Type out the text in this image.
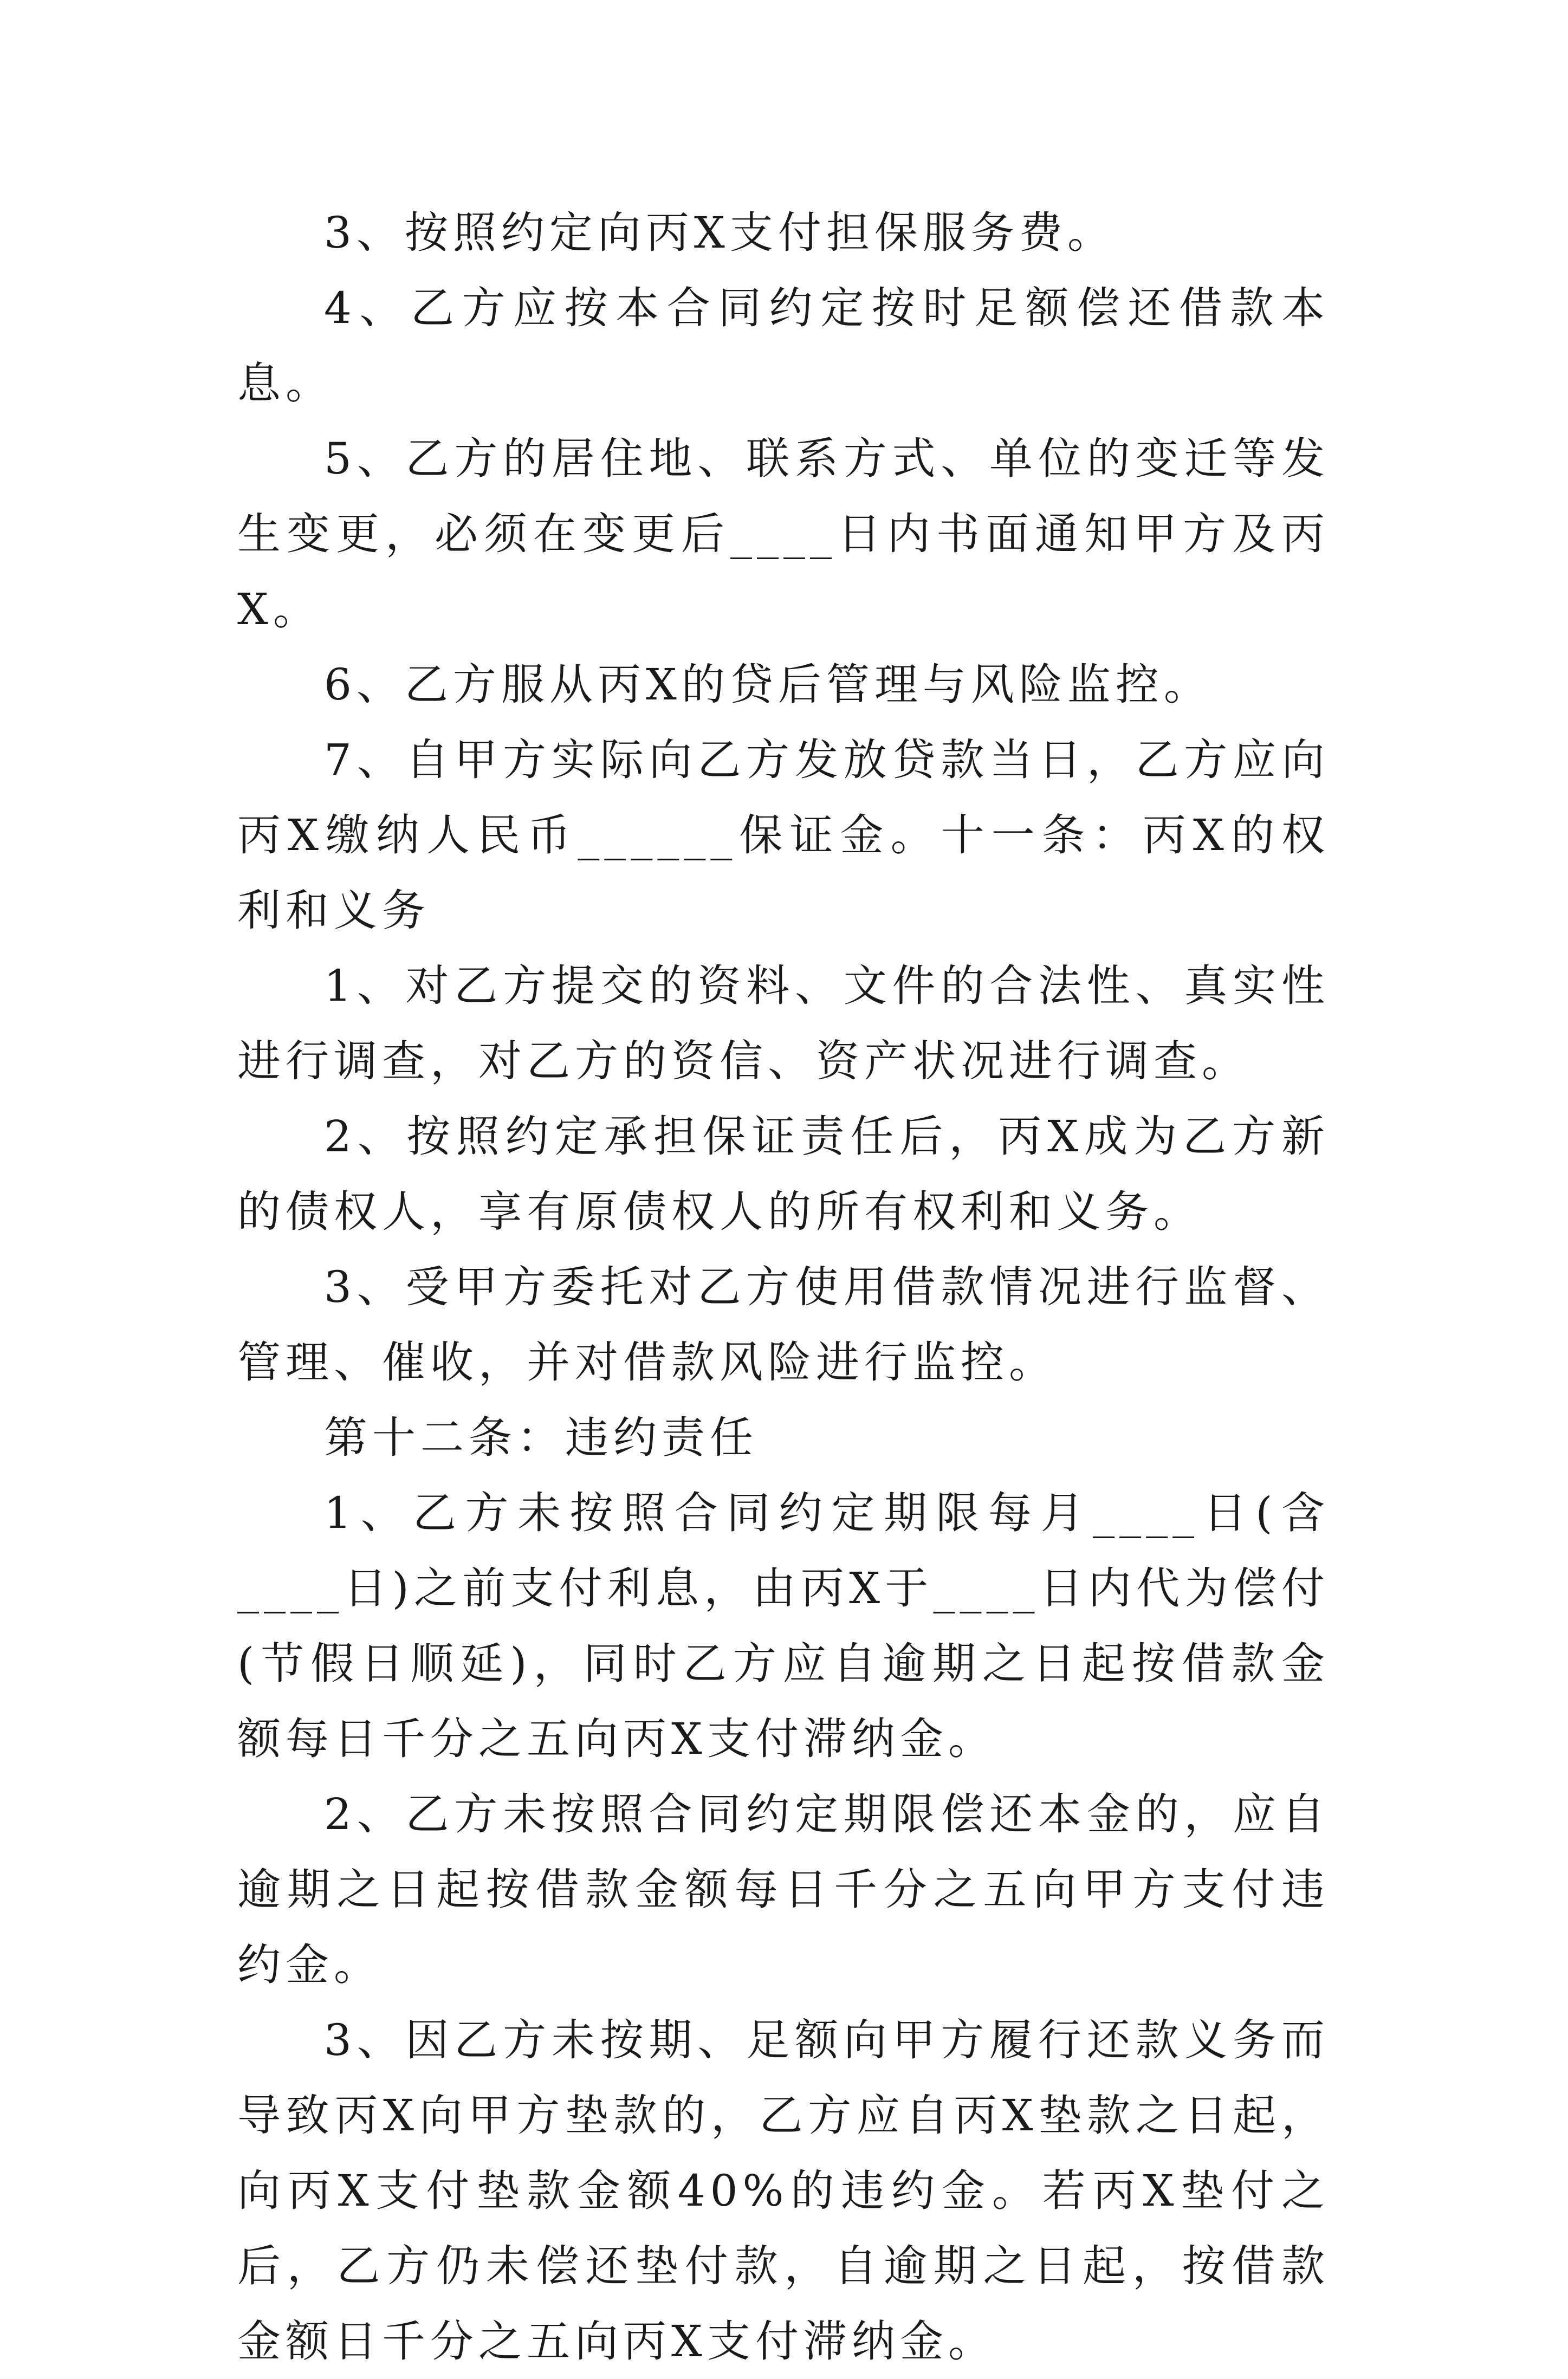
3、按照约定向丙X支付担保服务费。

4、乙方应按本合同约定按时足额偿还借款本息。

5、乙方的居住地、联系方式、单位的变迁等发生变更，必须在变更后____日内书面通知甲方及丙X。

6、乙方服从丙X的贷后管理与风险监控。

7、自甲方实际向乙方发放贷款当日，乙方应向丙X缴纳人民币______保证金。十一条：丙X的权利和义务

1、对乙方提交的资料、文件的合法性、真实性进行调查，对乙方的资信、资产状况进行调查。

2、按照约定承担保证责任后，丙X成为乙方新的债权人，享有原债权人的所有权利和义务。

3、受甲方委托对乙方使用借款情况进行监督、管理、催收，并对借款风险进行监控。

第十二条：违约责任

1、乙方未按照合同约定期限每月____日(含____日)之前支付利息，由丙X于____日内代为偿付(节假日顺延)，同时乙方应自逾期之日起按借款金额每日千分之五向丙X支付滞纳金。

2、乙方未按照合同约定期限偿还本金的，应自逾期之日起按借款金额每日千分之五向甲方支付违约金。

3、因乙方未按期、足额向甲方履行还款义务而导致丙X向甲方垫款的，乙方应自丙X垫款之日起，向丙X支付垫款金额40%的违约金。若丙X垫付之后，乙方仍未偿还垫付款，自逾期之日起，按借款金额日千分之五向丙X支付滞纳金。
